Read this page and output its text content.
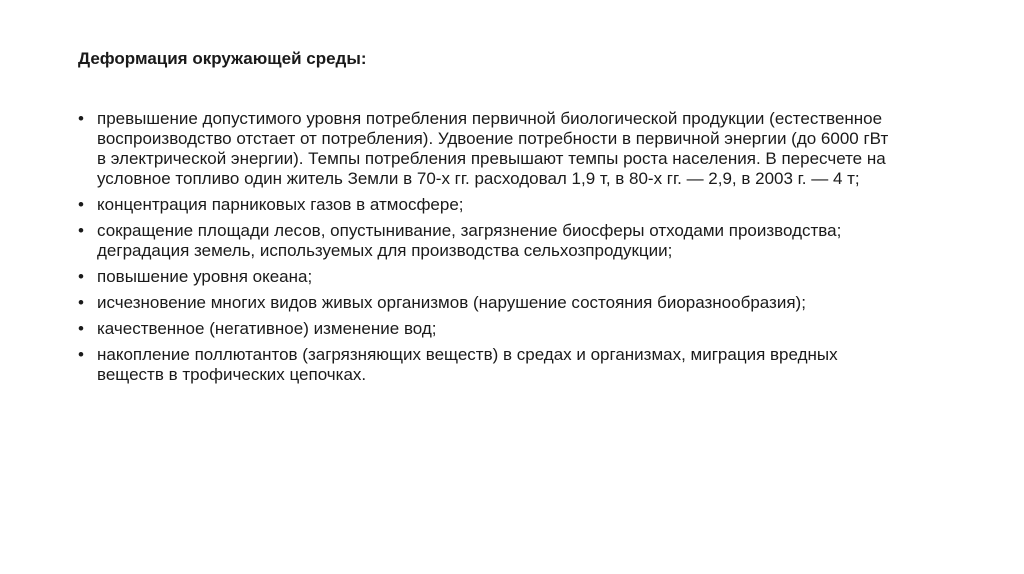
Деформация окружающей среды:
• превышение допустимого уровня потребления первичной биологической продукции (естественное воспроизводство отстает от потребления). Удвоение потребности в первичной энергии (до 6000 гВт в электрической энергии). Темпы потребления превышают темпы роста населения. В пересчете на условное топливо один житель Земли в 70-х гг. расходовал 1,9 т, в 80-х гг. — 2,9, в 2003 г. — 4 т;
• концентрация парниковых газов в атмосфере;
• сокращение площади лесов, опустынивание, загрязнение биосферы отходами производства; деградация земель, используемых для производства сельхозпродукции;
• повышение уровня океана;
• исчезновение многих видов живых организмов (нарушение состояния биоразнообразия);
• качественное (негативное) изменение вод;
• накопление поллютантов (загрязняющих веществ) в средах и организмах, миграция вредных веществ в трофических цепочках.
